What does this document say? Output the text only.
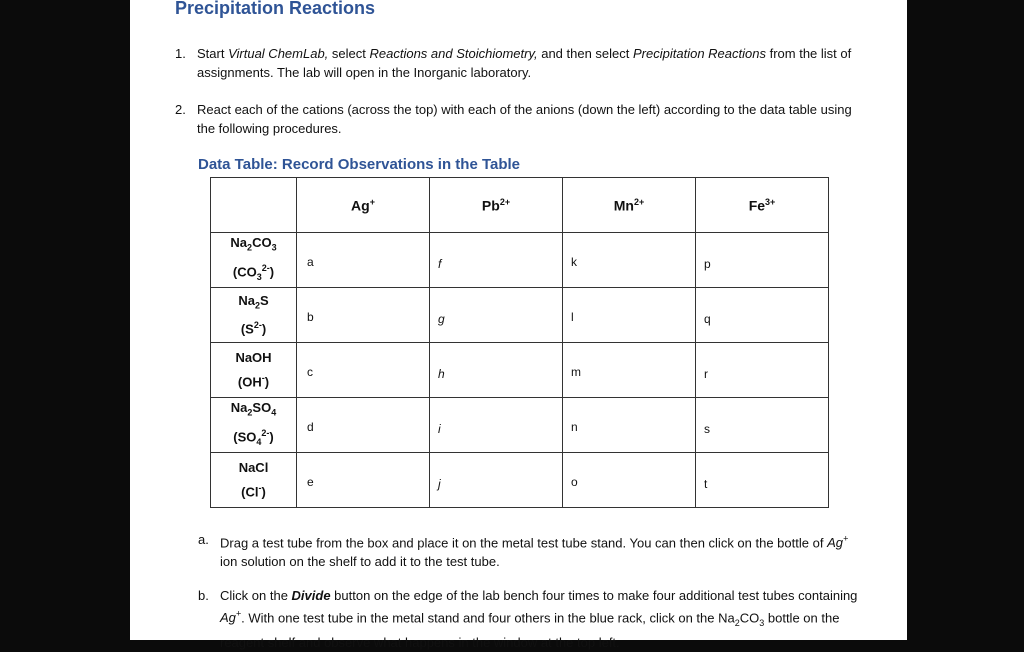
Precipitation Reactions
1. Start Virtual ChemLab, select Reactions and Stoichiometry, and then select Precipitation Reactions from the list of assignments. The lab will open in the Inorganic laboratory.
2. React each of the cations (across the top) with each of the anions (down the left) according to the data table using the following procedures.
Data Table: Record Observations in the Table
	Ag+	$Pb^{2+}$	$Mn^{2+}$	$Fe^{3+}$
$Na_2CO_3$
$(CO_3^{2-})$	a	f	k	p

$Na_2S$
$(S^{2-})$	b	g	l	q

NaOH
(OH-)	c	h	m	r

$Na_2SO_4$
$(SO_4^{2-})$	d	i	n	s

NaCl
(Cl-)	e	j	o	t
a. Drag a test tube from the box and place it on the metal test tube stand. You can then click on the bottle of Ag+ ion solution on the shelf to add it to the test tube.
b. Click on the Divide button on the edge of the lab bench four times to make four additional test tubes containing Ag+. With one test tube in the metal stand and four others in the blue rack, click on the $Na_2CO_3$ bottle on the reagent shelf and observe what happens in the window at the top left.
